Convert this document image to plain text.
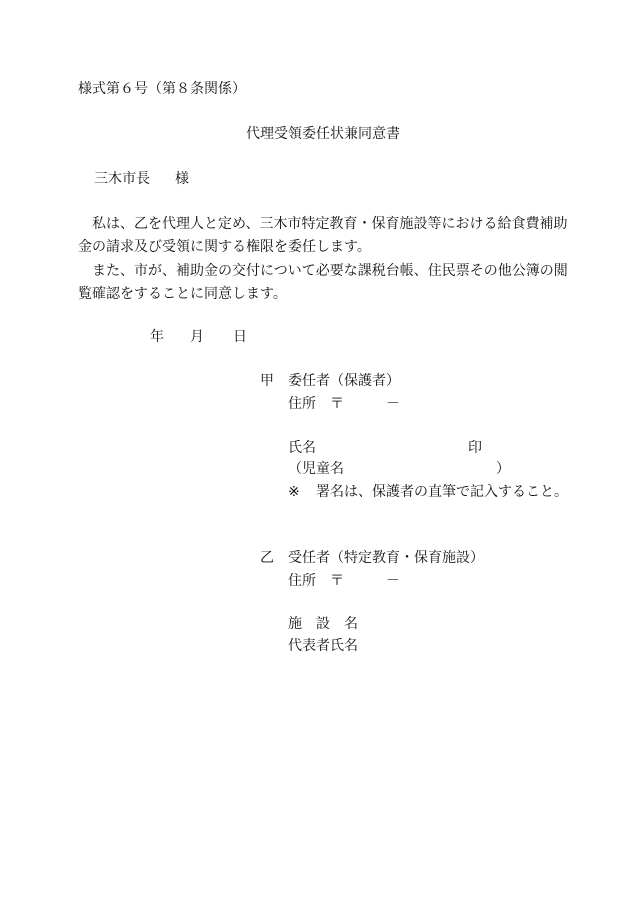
様式第６号（第８条関係）
代理受領委任状兼同意書
三木市長 様
　私は、乙を代理人と定め、三木市特定教育・保育施設等における給食費補助
金の請求及び受領に関する権限を委任します。
　また、市が、補助金の交付について必要な課税台帳、住民票その他公簿の閲
覧確認をすることに同意します。
年 月 日
甲 委任者（保護者）
住所 〒	－
氏名	印
（児童名	）
※ 署名は、保護者の直筆で記入すること。
乙 受任者（特定教育・保育施設）
住所 〒	－
施　設　名
代表者氏名
